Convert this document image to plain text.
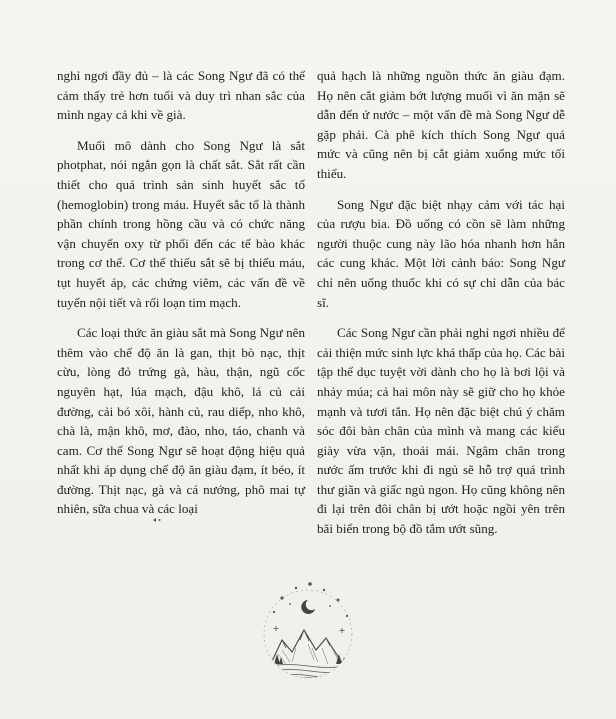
nghỉ ngơi đầy đủ – là các Song Ngư đã có thể cảm thấy trẻ hơn tuổi và duy trì nhan sắc của mình ngay cả khi về già.

Muối mô dành cho Song Ngư là sắt photphat, nói ngắn gọn là chất sắt. Sắt rất cần thiết cho quá trình sản sinh huyết sắc tố (hemoglobin) trong máu. Huyết sắc tố là thành phần chính trong hồng cầu và có chức năng vận chuyển oxy từ phổi đến các tế bào khác trong cơ thể. Cơ thể thiếu sắt sẽ bị thiếu máu, tụt huyết áp, các chứng viêm, các vấn đề về tuyến nội tiết và rối loạn tim mạch.

Các loại thức ăn giàu sắt mà Song Ngư nên thêm vào chế độ ăn là gan, thịt bò nạc, thịt cừu, lòng đỏ trứng gà, hàu, thận, ngũ cốc nguyên hạt, lúa mạch, đậu khô, lá củ cải đường, cải bó xôi, hành củ, rau diếp, nho khô, chà là, mận khô, mơ, đào, nho, táo, chanh và cam. Cơ thể Song Ngư sẽ hoạt động hiệu quả nhất khi áp dụng chế độ ăn giàu đạm, ít béo, ít đường. Thịt nạc, gà và cá nướng, phô mai tự nhiên, sữa chua và các loại

quả hạch là những nguồn thức ăn giàu đạm. Họ nên cắt giảm bớt lượng muối vì ăn mặn sẽ dẫn đến ứ nước – một vấn đề mà Song Ngư dễ gặp phải. Cà phê kích thích Song Ngư quá mức và cũng nên bị cắt giảm xuống mức tối thiểu.

Song Ngư đặc biệt nhạy cảm với tác hại của rượu bia. Đồ uống có cồn sẽ làm những người thuộc cung này lão hóa nhanh hơn hẳn các cung khác. Một lời cảnh báo: Song Ngư chỉ nên uống thuốc khi có sự chỉ dẫn của bác sĩ.

Các Song Ngư cần phải nghỉ ngơi nhiều để cải thiện mức sinh lực khá thấp của họ. Các bài tập thể dục tuyệt vời dành cho họ là bơi lội và nhảy múa; cả hai môn này sẽ giữ cho họ khỏe mạnh và tươi tắn. Họ nên đặc biệt chú ý chăm sóc đôi bàn chân của mình và mang các kiểu giày vừa vặn, thoải mái. Ngâm chân trong nước ấm trước khi đi ngủ sẽ hỗ trợ quá trình thư giãn và giấc ngủ ngon. Họ cũng không nên đi lại trên đôi chân bị ướt hoặc ngồi yên trên bãi biển trong bộ đồ tắm ướt sũng.
